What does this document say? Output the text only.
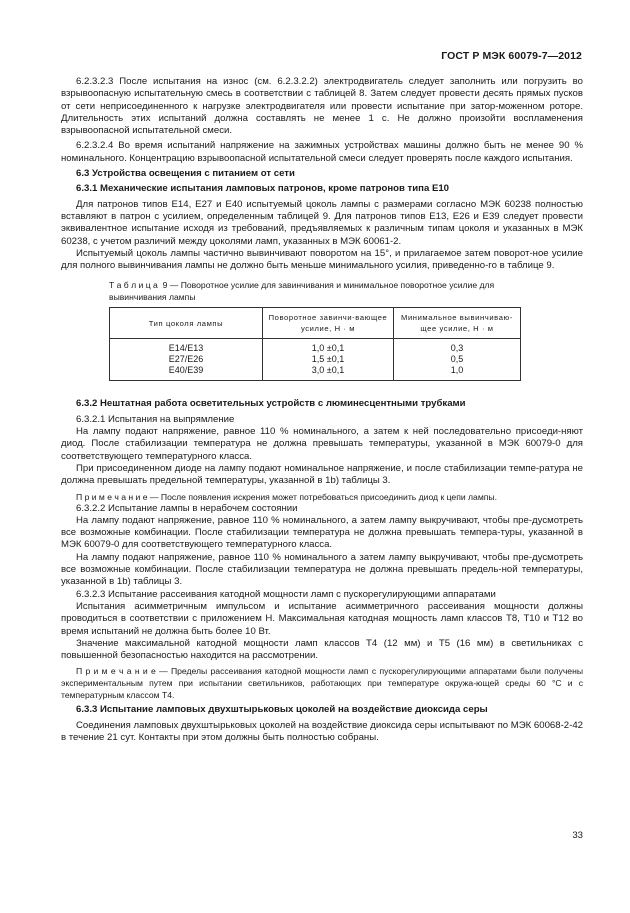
ГОСТ Р МЭК 60079-7—2012

6.2.3.2.3 После испытания на износ (см. 6.2.3.2.2) электродвигатель следует заполнить или погрузить во взрывоопасную испытательную смесь в соответствии с таблицей 8. Затем следует провести десять прямых пусков от сети неприсоединенного к нагрузке электродвигателя или провести испытание при затор-моженном роторе. Длительность этих испытаний должна составлять не менее 1 с. Не должно произойти воспламенения взрывоопасной испытательной смеси.

6.2.3.2.4 Во время испытаний напряжение на зажимных устройствах машины должно быть не менее 90 % номинального. Концентрацию взрывоопасной испытательной смеси следует проверять после каждого испытания.

6.3 Устройства освещения с питанием от сети

6.3.1 Механические испытания ламповых патронов, кроме патронов типа Е10

Для патронов типов Е14, Е27 и Е40 испытуемый цоколь лампы с размерами согласно МЭК 60238 полностью вставляют в патрон с усилием, определенным таблицей 9. Для патронов типов Е13, Е26 и Е39 следует провести эквивалентное испытание исходя из требований, предъявляемых к различным типам цоколя и указанных в МЭК 60238, с учетом различий между цоколями ламп, указанных в МЭК 60061-2.

Испытуемый цоколь лампы частично вывинчивают поворотом на 15°, и прилагаемое затем поворот-ное усилие для полного вывинчивания лампы не должно быть меньше минимального усилия, приведенно-го в таблице 9.

Т а б л и ц а 9 — Поворотное усилие для завинчивания и минимальное поворотное усилие для вывинчивания лампы

Тип цоколя лампы	Поворотное завинчи-вающее усилие, Н · м	Минимальное вывинчиваю-щее усилие, Н · м
Е14/Е13	1,0 ±0,1	0,3
Е27/Е26	1,5 ±0,1	0,5
Е40/Е39	3,0 ±0,1	1,0

6.3.2 Нештатная работа осветительных устройств с люминесцентными трубками

6.3.2.1 Испытания на выпрямление

На лампу подают напряжение, равное 110 % номинального, а затем к ней последовательно присоеди-няют диод. После стабилизации температура не должна превышать температуры, указанной в МЭК 60079-0 для соответствующего температурного класса.

При присоединенном диоде на лампу подают номинальное напряжение, и после стабилизации темпе-ратура не должна превышать предельной температуры, указанной в 1b) таблицы 3.

П р и м е ч а н и е — После появления искрения может потребоваться присоединить диод к цепи лампы.

6.3.2.2 Испытание лампы в нерабочем состоянии

На лампу подают напряжение, равное 110 % номинального, а затем лампу выкручивают, чтобы пре-дусмотреть все возможные комбинации. После стабилизации температура не должна превышать темпера-туры, указанной в МЭК 60079-0 для соответствующего температурного класса.

На лампу подают напряжение, равное 110 % номинального а затем лампу выкручивают, чтобы пре-дусмотреть все возможные комбинации. После стабилизации температура не должна превышать предель-ной температуры, указанной в 1b) таблицы 3.

6.3.2.3 Испытание рассеивания катодной мощности ламп с пускорегулирующими аппаратами

Испытания асимметричным импульсом и испытание асимметричного рассеивания мощности должны проводиться в соответствии с приложением Н. Максимальная катодная мощность ламп классов Т8, Т10 и Т12 во время испытаний не должна быть более 10 Вт.

Значение максимальной катодной мощности ламп классов Т4 (12 мм) и Т5 (16 мм) в светильниках с повышенной безопасностью находится на рассмотрении.

П р и м е ч а н и е — Пределы рассеивания катодной мощности ламп с пускорегулирующими аппаратами были получены экспериментальным путем при испытании светильников, работающих при температуре окружа-ющей среды 60 °С и с температурным классом Т4.

6.3.3 Испытание ламповых двухштырьковых цоколей на воздействие диоксида серы

Соединения ламповых двухштырьковых цоколей на воздействие диоксида серы испытывают по МЭК 60068-2-42 в течение 21 сут. Контакты при этом должны быть полностью собраны.

33
